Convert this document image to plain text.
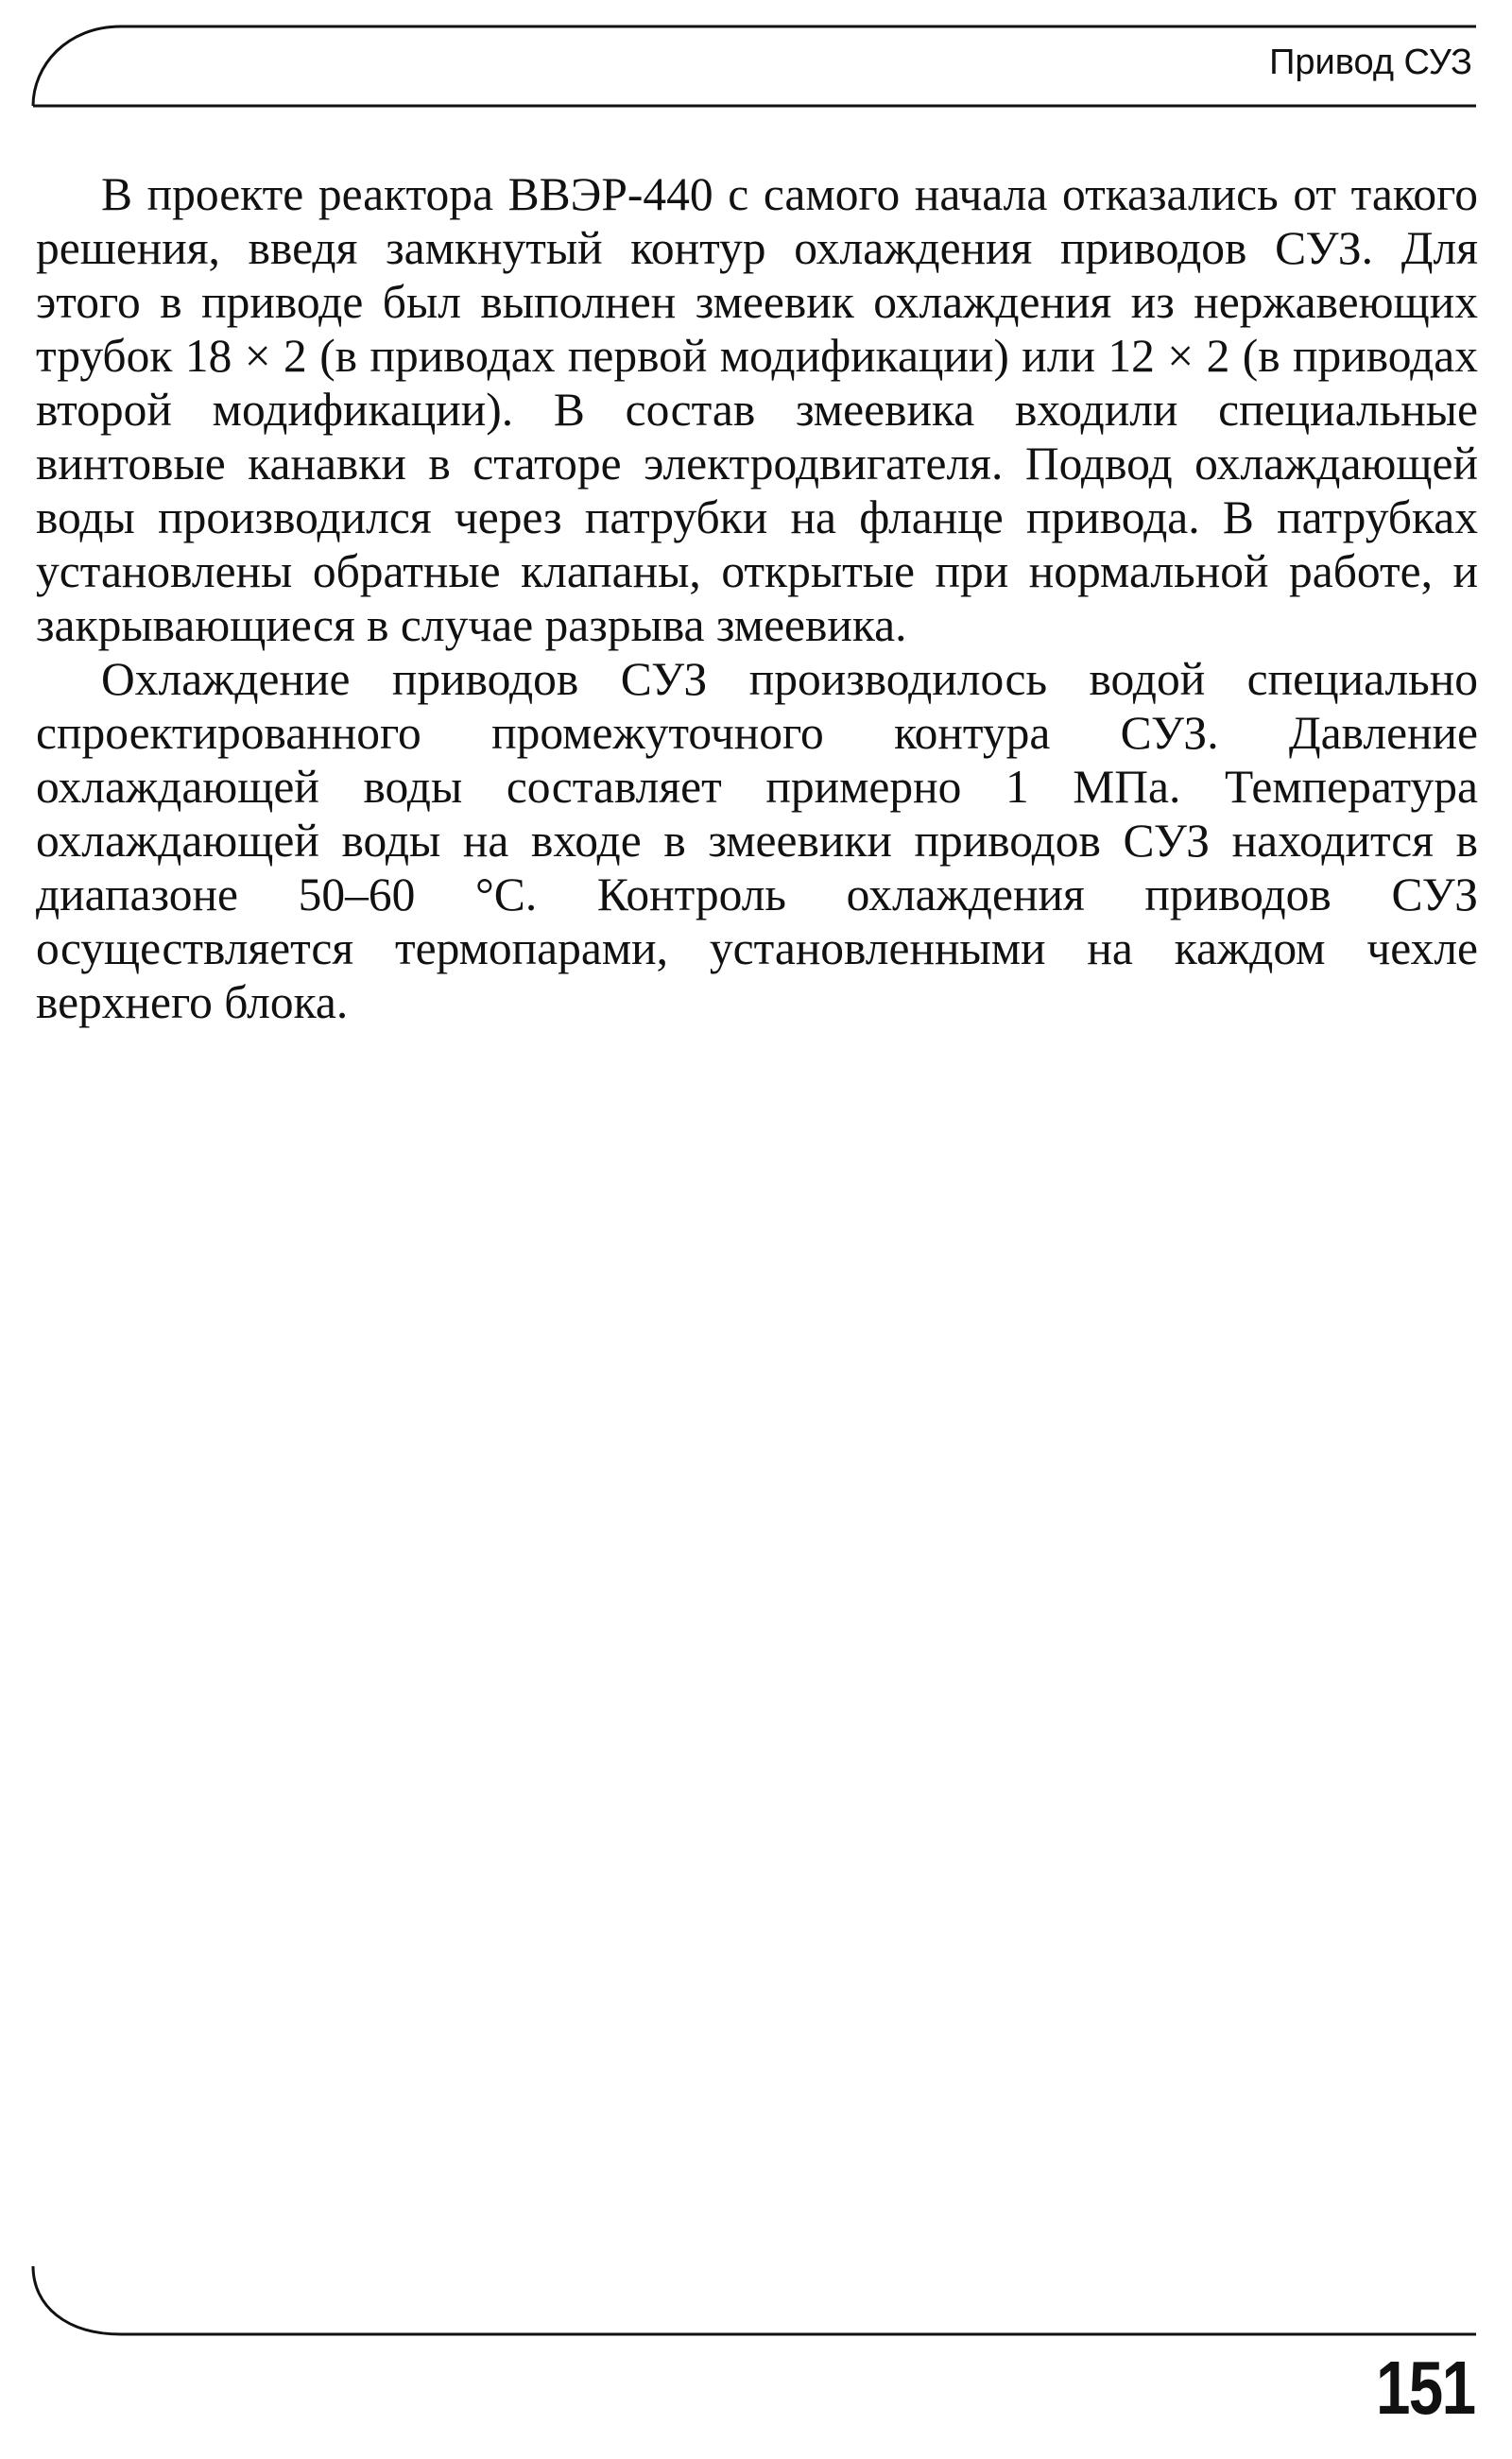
Привод СУЗ

В проекте реактора ВВЭР-440 с самого начала отказались от такого решения, введя замкнутый контур охлаждения приводов СУЗ. Для этого в приводе был выполнен змеевик охлаждения из нержавеющих трубок 18 × 2 (в приводах первой модификации) или 12 × 2 (в приводах второй модификации). В состав змеевика входили специальные винтовые канавки в статоре электродвигателя. Подвод охлаждающей воды производился через патрубки на фланце привода. В патрубках установлены обратные клапаны, открытые при нормальной работе, и закрывающиеся в случае разрыва змеевика.

Охлаждение приводов СУЗ производилось водой специально спроектированного промежуточного контура СУЗ. Давление охлаждающей воды составляет примерно 1 МПа. Температура охлаждающей воды на входе в змеевики приводов СУЗ находится в диапазоне 50–60 °С. Контроль охлаждения приводов СУЗ осуществляется термопарами, установленными на каждом чехле верхнего блока.

151
